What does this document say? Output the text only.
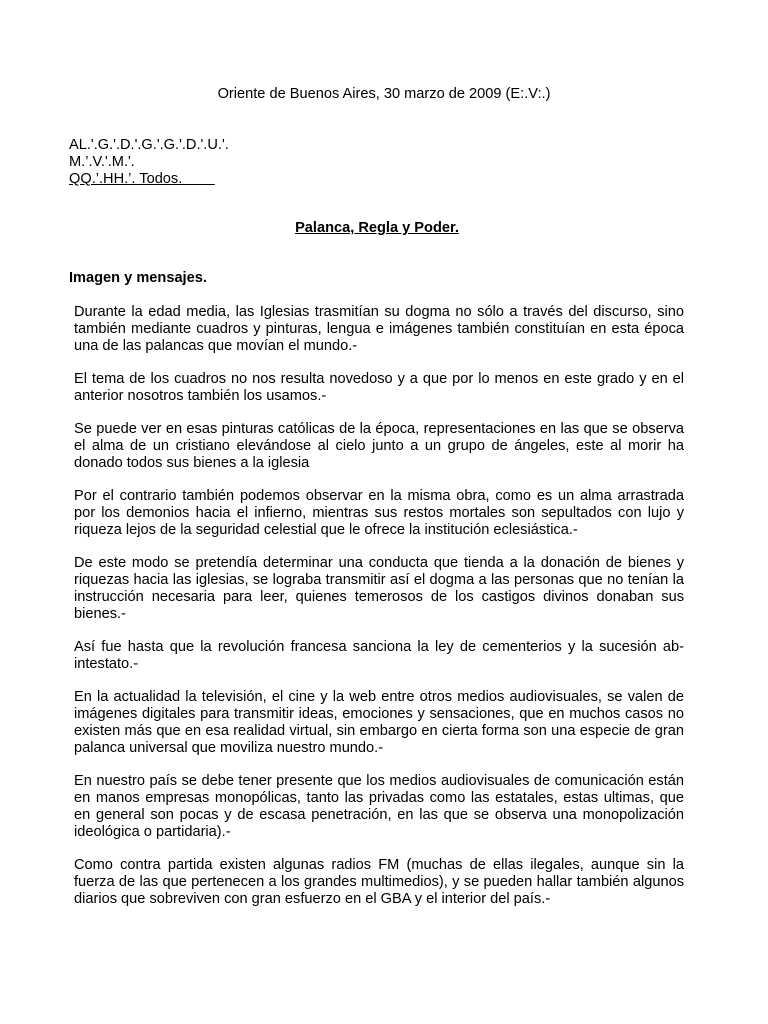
Oriente de Buenos Aires, 30 marzo de 2009 (E:.V:.)
AL.'.G.'.D.'.G.'.G.'.D.'.U.'.
M.’.V.'.M.'.
QQ.’.HH.’. Todos.
Palanca, Regla y Poder.
Imagen y mensajes.

Durante la edad media, las Iglesias trasmitían su dogma no sólo a través del discurso, sino también mediante cuadros y pinturas, lengua e imágenes también constituían en esta época una de las palancas que movían el mundo.-

El tema de los cuadros no nos resulta novedoso y a que por lo menos en este grado y en el anterior nosotros también los usamos.-

Se puede ver en esas pinturas católicas de la época, representaciones en las que se observa el alma de un cristiano elevándose al cielo junto a un grupo de ángeles, este al morir ha donado todos sus bienes a la iglesia

Por el contrario también podemos observar en la misma obra, como es un alma arrastrada por los demonios hacia el infierno, mientras sus restos mortales son sepultados con lujo y riqueza lejos de la seguridad celestial que le ofrece la institución eclesiástica.-

De este modo se pretendía determinar una conducta que tienda a la donación de bienes y riquezas hacia las iglesias, se lograba transmitir así el dogma a las personas que no tenían la instrucción necesaria para leer, quienes temerosos de los castigos divinos donaban sus bienes.-

Así fue hasta que la revolución francesa sanciona la ley de cementerios y la sucesión ab- intestato.-

En la actualidad la televisión, el cine y la web entre otros medios audiovisuales, se valen de imágenes digitales para transmitir ideas, emociones y sensaciones, que en muchos casos no existen más que en esa realidad virtual, sin embargo en cierta forma son una especie de gran palanca universal que moviliza nuestro mundo.-

En nuestro país se debe tener presente que los medios audiovisuales de comunicación están en manos empresas monopólicas, tanto las privadas como las estatales, estas ultimas, que en general son pocas y de escasa penetración, en las que se observa una monopolización ideológica o partidaria).-

Como contra partida existen algunas radios FM (muchas de ellas ilegales, aunque sin la fuerza de las que pertenecen a los grandes multimedios), y se pueden hallar también algunos diarios que sobreviven con gran esfuerzo en el GBA y el interior del país.-
